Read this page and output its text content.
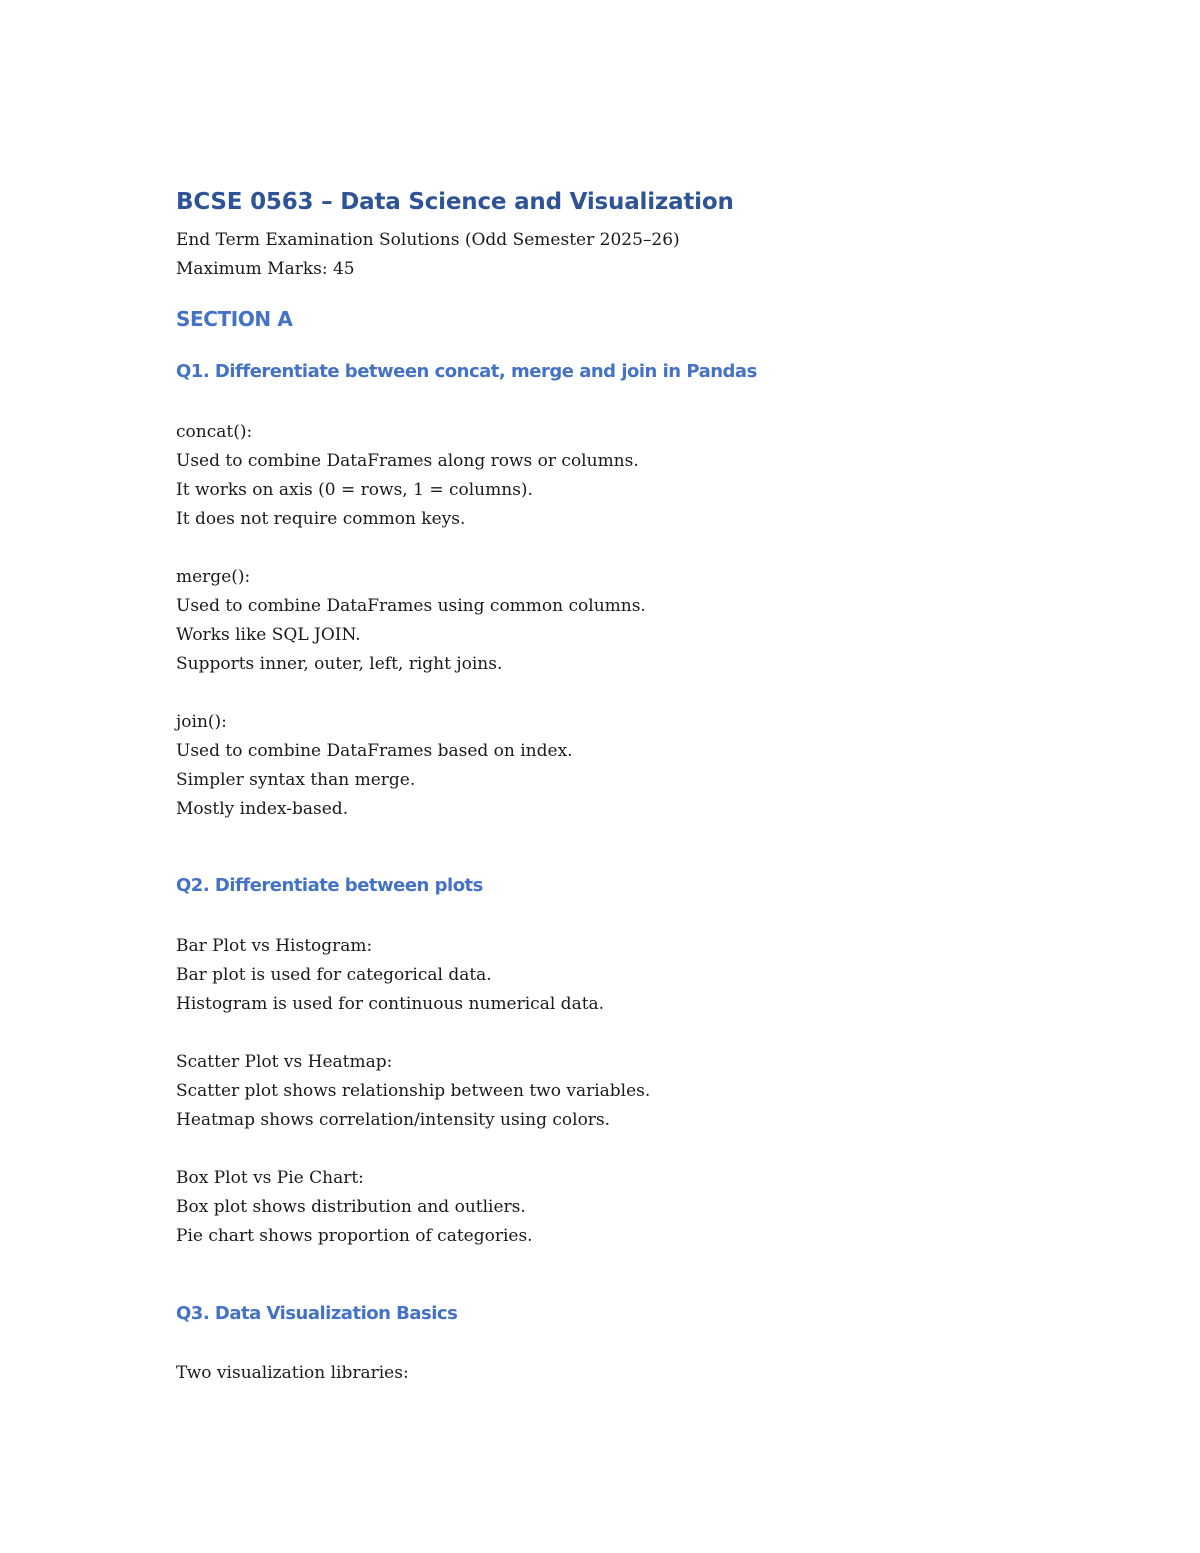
BCSE 0563 – Data Science and Visualization
End Term Examination Solutions (Odd Semester 2025–26)
Maximum Marks: 45
SECTION A
Q1. Differentiate between concat, merge and join in Pandas
concat():
Used to combine DataFrames along rows or columns.
It works on axis (0 = rows, 1 = columns).
It does not require common keys.
merge():
Used to combine DataFrames using common columns.
Works like SQL JOIN.
Supports inner, outer, left, right joins.
join():
Used to combine DataFrames based on index.
Simpler syntax than merge.
Mostly index-based.
Q2. Differentiate between plots
Bar Plot vs Histogram:
Bar plot is used for categorical data.
Histogram is used for continuous numerical data.
Scatter Plot vs Heatmap:
Scatter plot shows relationship between two variables.
Heatmap shows correlation/intensity using colors.
Box Plot vs Pie Chart:
Box plot shows distribution and outliers.
Pie chart shows proportion of categories.
Q3. Data Visualization Basics
Two visualization libraries:
